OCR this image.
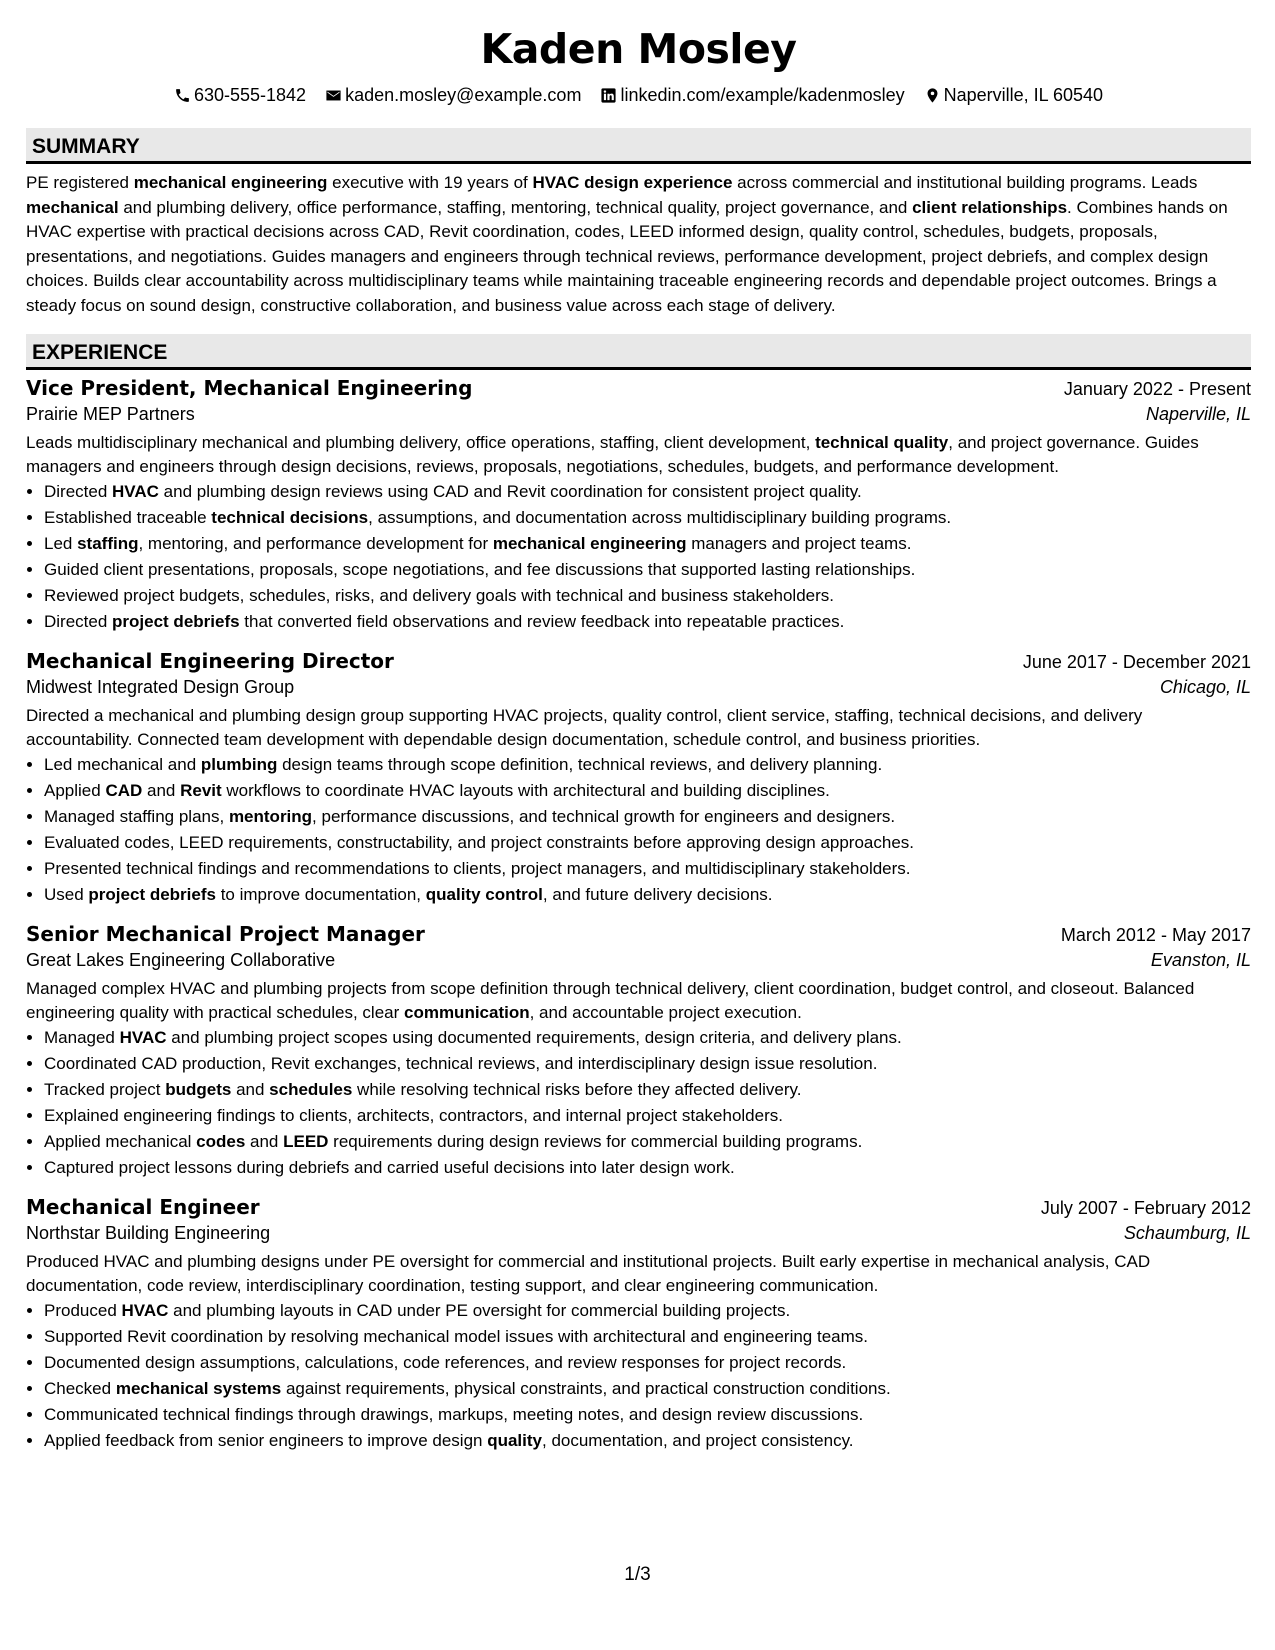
Kaden Mosley
630-555-1842 kaden.mosley@example.com linkedin.com/example/kadenmosley Naperville, IL 60540
SUMMARY
PE registered mechanical engineering executive with 19 years of HVAC design experience across commercial and institutional building programs. Leads mechanical and plumbing delivery, office performance, staffing, mentoring, technical quality, project governance, and client relationships. Combines hands on HVAC expertise with practical decisions across CAD, Revit coordination, codes, LEED informed design, quality control, schedules, budgets, proposals, presentations, and negotiations. Guides managers and engineers through technical reviews, performance development, project debriefs, and complex design choices. Builds clear accountability across multidisciplinary teams while maintaining traceable engineering records and dependable project outcomes. Brings a steady focus on sound design, constructive collaboration, and business value across each stage of delivery.
EXPERIENCE
Vice President, Mechanical Engineering	January 2022 - Present
Prairie MEP Partners	Naperville, IL
Leads multidisciplinary mechanical and plumbing delivery, office operations, staffing, client development, technical quality, and project governance. Guides managers and engineers through design decisions, reviews, proposals, negotiations, schedules, budgets, and performance development.
• Directed HVAC and plumbing design reviews using CAD and Revit coordination for consistent project quality.
• Established traceable technical decisions, assumptions, and documentation across multidisciplinary building programs.
• Led staffing, mentoring, and performance development for mechanical engineering managers and project teams.
• Guided client presentations, proposals, scope negotiations, and fee discussions that supported lasting relationships.
• Reviewed project budgets, schedules, risks, and delivery goals with technical and business stakeholders.
• Directed project debriefs that converted field observations and review feedback into repeatable practices.
Mechanical Engineering Director	June 2017 - December 2021
Midwest Integrated Design Group	Chicago, IL
Directed a mechanical and plumbing design group supporting HVAC projects, quality control, client service, staffing, technical decisions, and delivery accountability. Connected team development with dependable design documentation, schedule control, and business priorities.
• Led mechanical and plumbing design teams through scope definition, technical reviews, and delivery planning.
• Applied CAD and Revit workflows to coordinate HVAC layouts with architectural and building disciplines.
• Managed staffing plans, mentoring, performance discussions, and technical growth for engineers and designers.
• Evaluated codes, LEED requirements, constructability, and project constraints before approving design approaches.
• Presented technical findings and recommendations to clients, project managers, and multidisciplinary stakeholders.
• Used project debriefs to improve documentation, quality control, and future delivery decisions.
Senior Mechanical Project Manager	March 2012 - May 2017
Great Lakes Engineering Collaborative	Evanston, IL
Managed complex HVAC and plumbing projects from scope definition through technical delivery, client coordination, budget control, and closeout. Balanced engineering quality with practical schedules, clear communication, and accountable project execution.
• Managed HVAC and plumbing project scopes using documented requirements, design criteria, and delivery plans.
• Coordinated CAD production, Revit exchanges, technical reviews, and interdisciplinary design issue resolution.
• Tracked project budgets and schedules while resolving technical risks before they affected delivery.
• Explained engineering findings to clients, architects, contractors, and internal project stakeholders.
• Applied mechanical codes and LEED requirements during design reviews for commercial building programs.
• Captured project lessons during debriefs and carried useful decisions into later design work.
Mechanical Engineer	July 2007 - February 2012
Northstar Building Engineering	Schaumburg, IL
Produced HVAC and plumbing designs under PE oversight for commercial and institutional projects. Built early expertise in mechanical analysis, CAD documentation, code review, interdisciplinary coordination, testing support, and clear engineering communication.
• Produced HVAC and plumbing layouts in CAD under PE oversight for commercial building projects.
• Supported Revit coordination by resolving mechanical model issues with architectural and engineering teams.
• Documented design assumptions, calculations, code references, and review responses for project records.
• Checked mechanical systems against requirements, physical constraints, and practical construction conditions.
• Communicated technical findings through drawings, markups, meeting notes, and design review discussions.
• Applied feedback from senior engineers to improve design quality, documentation, and project consistency.
1/3
